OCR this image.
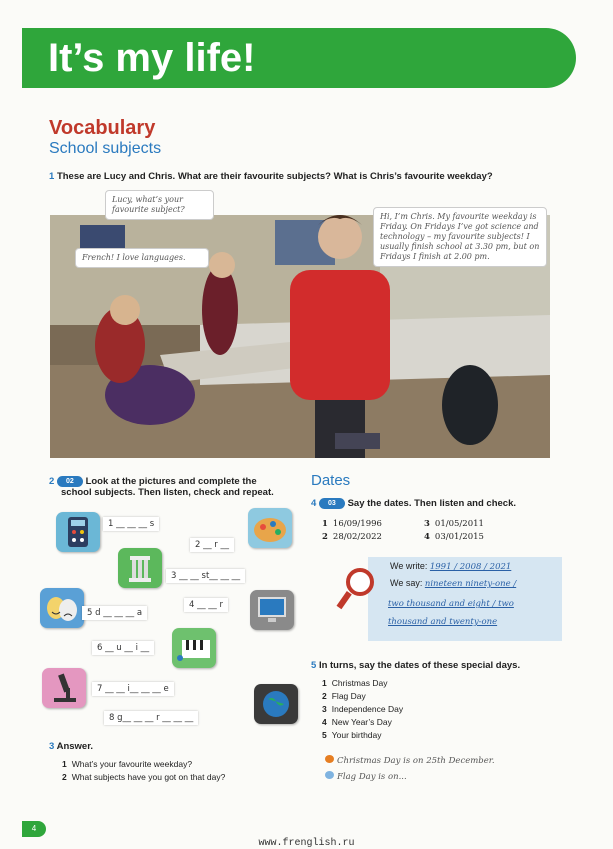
It’s my life!
Vocabulary
School subjects
1 These are Lucy and Chris. What are their favourite subjects? What is Chris’s favourite weekday?
Lucy, what’s your favourite subject?
French! I love languages.
Hi, I’m Chris. My favourite weekday is Friday. On Fridays I’ve got science and technology – my favourite subjects! I usually finish school at 3.30 pm, but on Fridays I finish at 2.00 pm.
2 02 Look at the pictures and complete the
school subjects. Then listen, check and repeat.
1 __ __ __ s
2 __ r __
3 __ __ st__ __ __
4 __ __ r
5 d __ __ __ a
6 __ u __ i __
7 __ __ i__ __ __ e
8 g__ __ __ r __ __ __
3 Answer.
1 What’s your favourite weekday?
2 What subjects have you got on that day?
Dates
4 03 Say the dates. Then listen and check.
1 16/09/1996
2 28/02/2022
3 01/05/2011
4 03/01/2015
We write: 1991 / 2008 / 2021
We say: nineteen ninety-one /
two thousand and eight / two
thousand and twenty-one
5 In turns, say the dates of these special days.
1 Christmas Day
2 Flag Day
3 Independence Day
4 New Year’s Day
5 Your birthday
Christmas Day is on 25th December.
Flag Day is on...
4
www.frenglish.ru
